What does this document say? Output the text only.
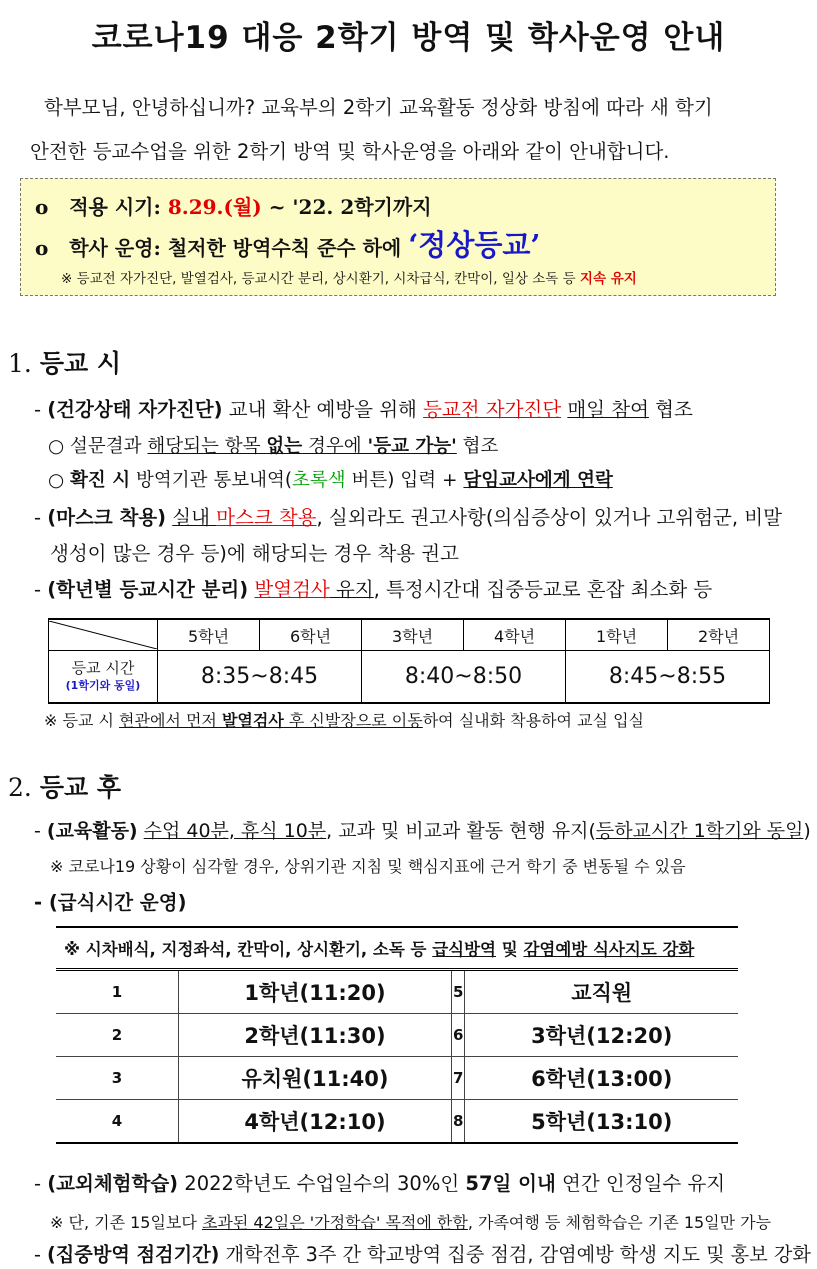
코로나19 대응 2학기 방역 및 학사운영 안내

학부모님, 안녕하십니까? 교육부의 2학기 교육활동 정상화 방침에 따라 새 학기

안전한 등교수업을 위한 2학기 방역 및 학사운영을 아래와 같이 안내합니다.

o 적용 시기: 8.29.(월) ~ '22. 2학기까지
o 학사 운영: 철저한 방역수칙 준수 하에 ‘정상등교’
※ 등교전 자가진단, 발열검사, 등교시간 분리, 상시환기, 시차급식, 칸막이, 일상 소독 등 지속 유지
1. 등교 시
- (건강상태 자가진단) 교내 확산 예방을 위해 등교전 자가진단 매일 참여 협조
○ 설문결과 해당되는 항목 없는 경우에 '등교 가능' 협조
○ 확진 시 방역기관 통보내역(초록색 버튼) 입력 + 담임교사에게 연락
- (마스크 착용) 실내 마스크 착용, 실외라도 권고사항(의심증상이 있거나 고위험군, 비말
생성이 많은 경우 등)에 해당되는 경우 착용 권고
- (학년별 등교시간 분리) 발열검사 유지, 특정시간대 집중등교로 혼잡 최소화 등
	5학년	6학년	3학년	4학년	1학년	2학년

등교 시간
(1학기와 동일)	8:35~8:45		8:40~8:50		8:45~8:55	
※ 등교 시 현관에서 먼저 발열검사 후 신발장으로 이동하여 실내화 착용하여 교실 입실
2. 등교 후
- (교육활동) 수업 40분, 휴식 10분, 교과 및 비교과 활동 현행 유지(등하교시간 1학기와 동일)
※ 코로나19 상황이 심각할 경우, 상위기관 지침 및 핵심지표에 근거 학기 중 변동될 수 있음
- (급식시간 운영)
※ 시차배식, 지정좌석, 칸막이, 상시환기, 소독 등 급식방역 및 감염예방 식사지도 강화			
1	1학년(11:20)	5	교직원
2	2학년(11:30)	6	3학년(12:20)
3	유치원(11:40)	7	6학년(13:00)
4	4학년(12:10)	8	5학년(13:10)
- (교외체험학습) 2022학년도 수업일수의 30%인 57일 이내 연간 인정일수 유지
※ 단, 기존 15일보다 초과된 42일은 '가정학습' 목적에 한함, 가족여행 등 체험학습은 기존 15일만 가능
- (집중방역 점검기간) 개학전후 3주 간 학교방역 집중 점검, 감염예방 학생 지도 및 홍보 강화
